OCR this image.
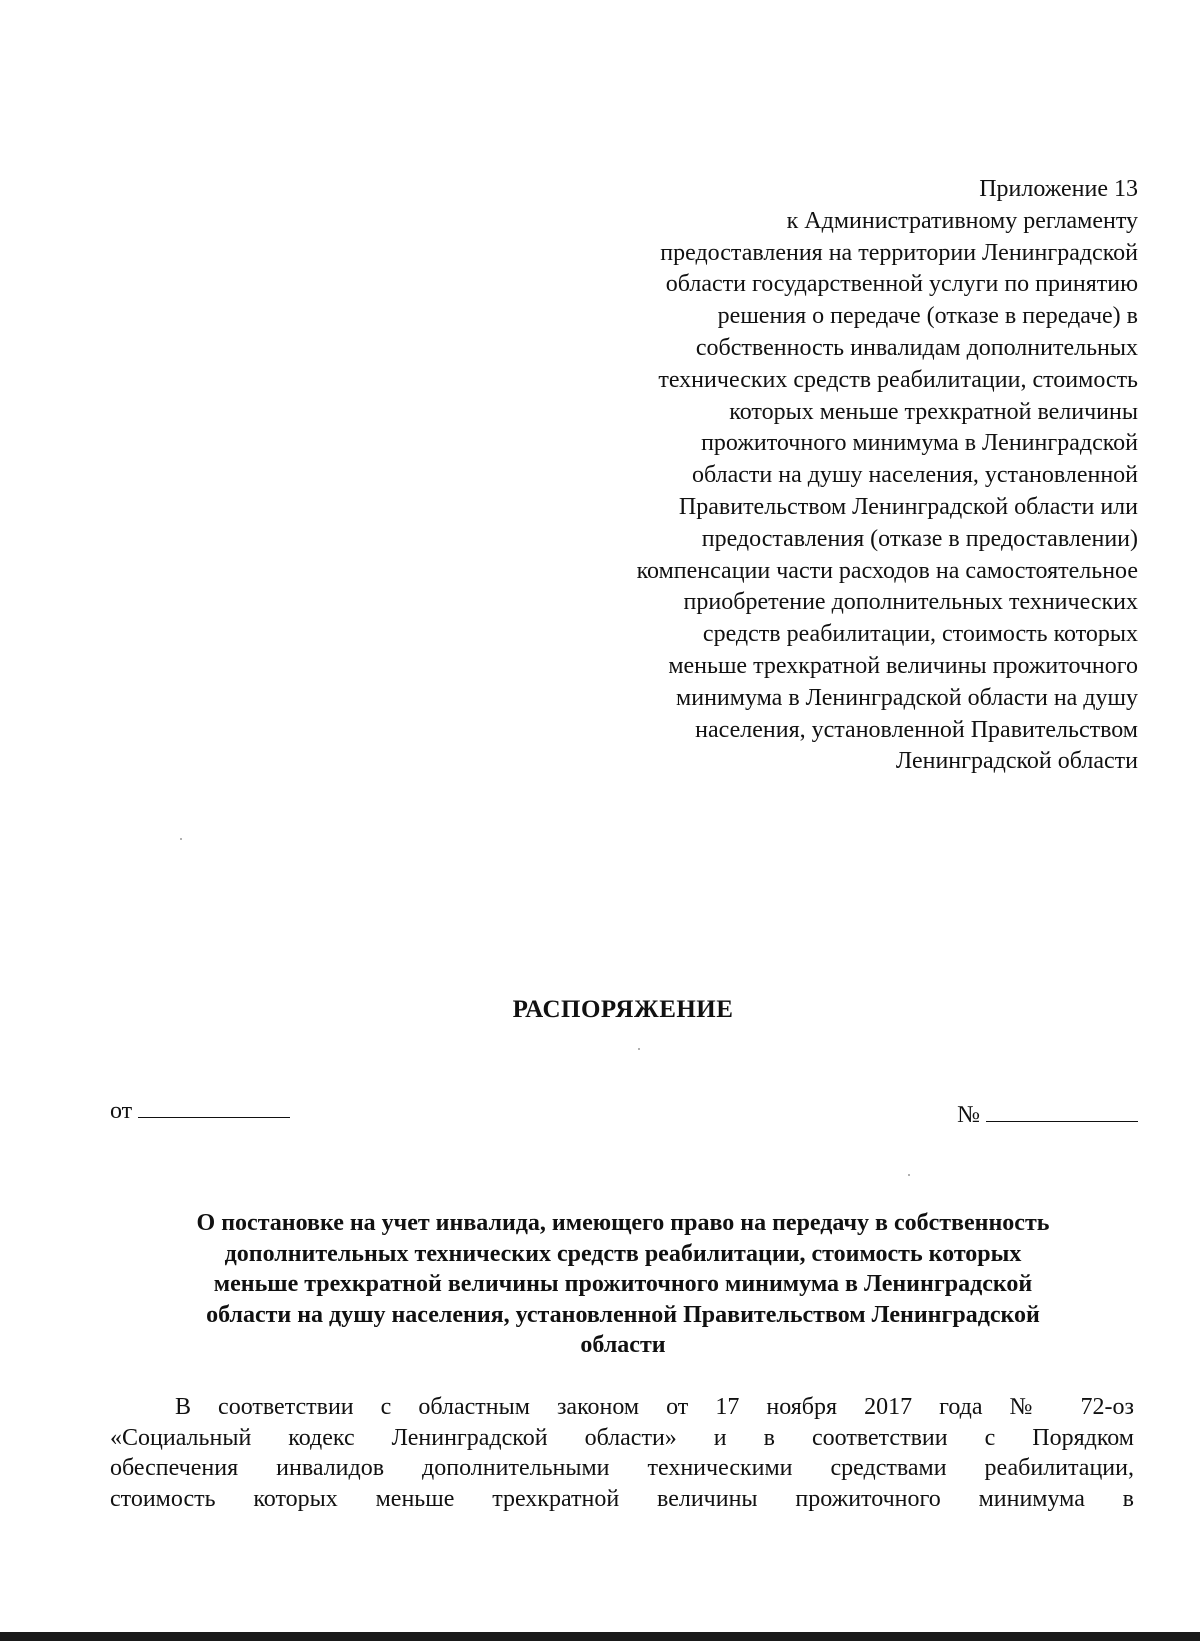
Приложение 13
к Административному регламенту
предоставления на территории Ленинградской
области государственной услуги по принятию
решения о передаче (отказе в передаче) в
собственность инвалидам дополнительных
технических средств реабилитации, стоимость
которых меньше трехкратной величины
прожиточного минимума в Ленинградской
области на душу населения, установленной
Правительством Ленинградской области или
предоставления (отказе в предоставлении)
компенсации части расходов на самостоятельное
приобретение дополнительных технических
средств реабилитации, стоимость которых
меньше трехкратной величины прожиточного
минимума в Ленинградской области на душу
населения, установленной Правительством
Ленинградской области
РАСПОРЯЖЕНИЕ
от	№
О постановке на учет инвалида, имеющего право на передачу в собственность
дополнительных технических средств реабилитации, стоимость которых
меньше трехкратной величины прожиточного минимума в Ленинградской
области на душу населения, установленной Правительством Ленинградской
области
В соответствии с областным законом от 17 ноября 2017 года № 72-оз
«Социальный кодекс Ленинградской области» и в соответствии с Порядком
обеспечения инвалидов дополнительными техническими средствами реабилитации,
стоимость которых меньше трехкратной величины прожиточного минимума в
